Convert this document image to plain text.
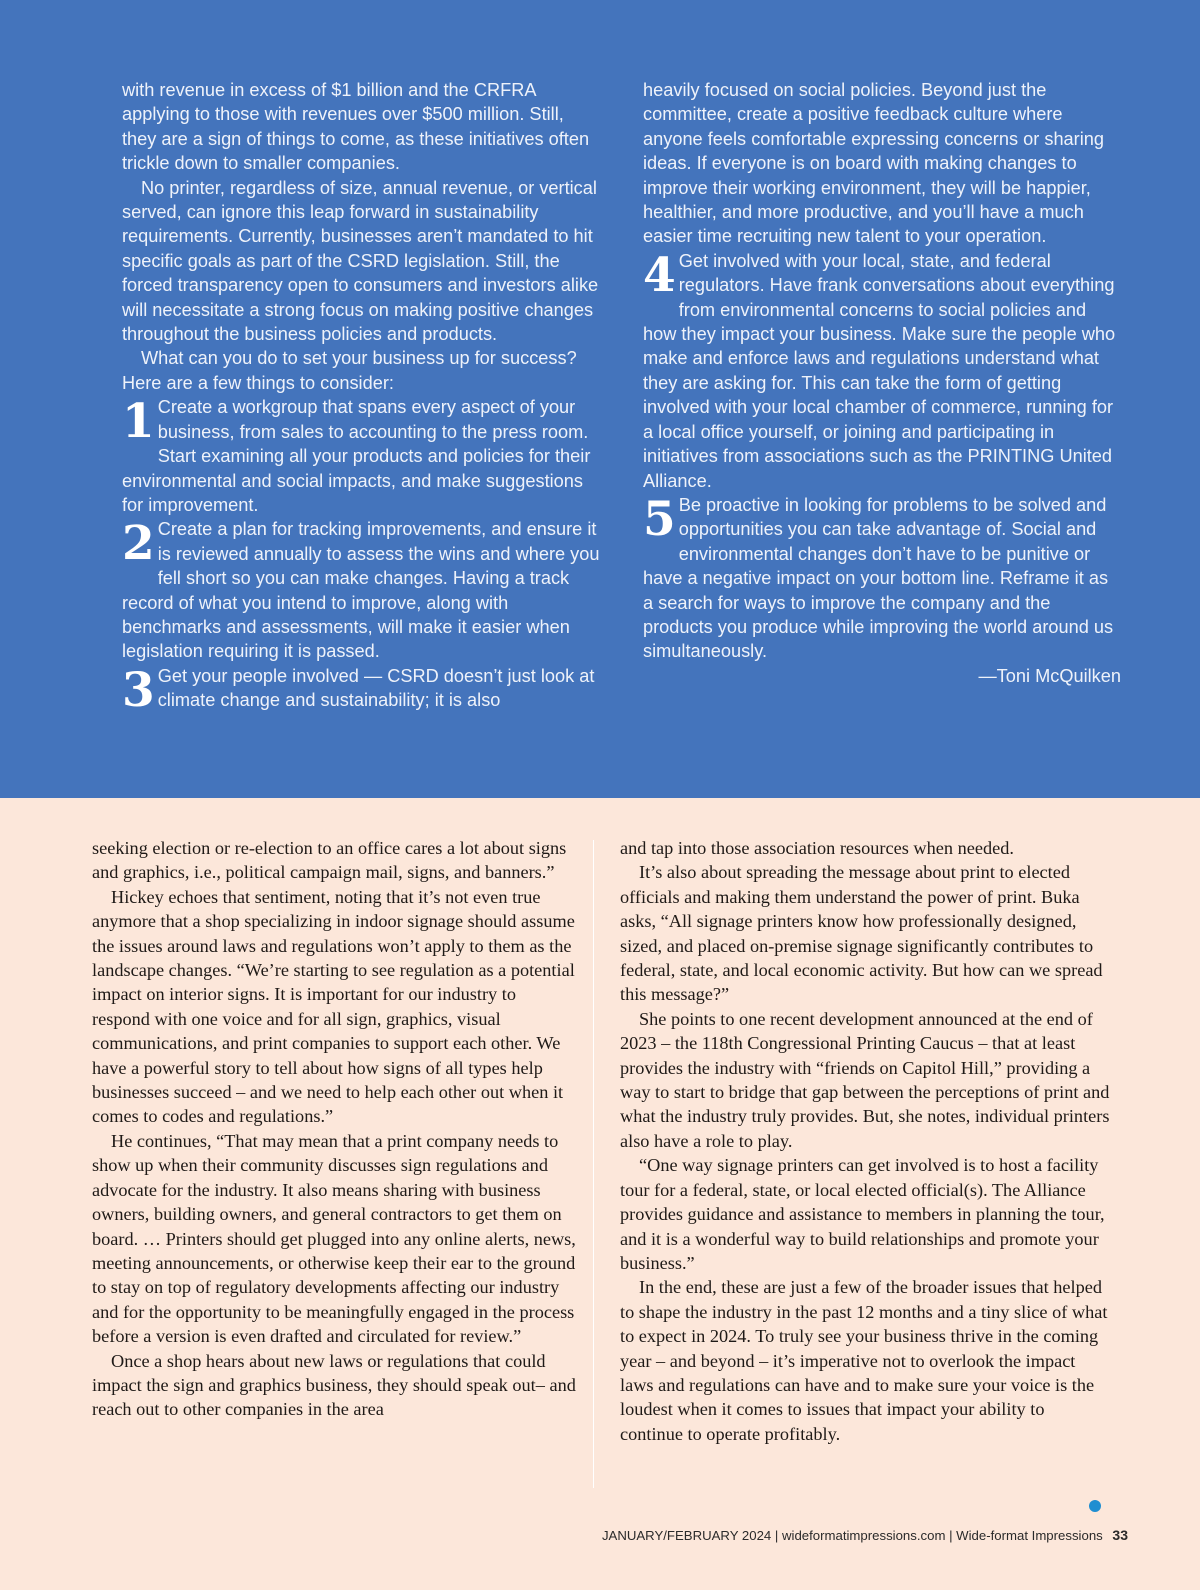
with revenue in excess of $1 billion and the CRFRA applying to those with revenues over $500 million. Still, they are a sign of things to come, as these initiatives often trickle down to smaller companies.

No printer, regardless of size, annual revenue, or vertical served, can ignore this leap forward in sustainability requirements. Currently, businesses aren’t mandated to hit specific goals as part of the CSRD legislation. Still, the forced transparency open to consumers and investors alike will necessitate a strong focus on making positive changes throughout the business policies and products.

What can you do to set your business up for success? Here are a few things to consider:

1 Create a workgroup that spans every aspect of your business, from sales to accounting to the press room. Start examining all your products and policies for their environmental and social impacts, and make suggestions for improvement.
2 Create a plan for tracking improvements, and ensure it is reviewed annually to assess the wins and where you fell short so you can make changes. Having a track record of what you intend to improve, along with benchmarks and assessments, will make it easier when legislation requiring it is passed.
3 Get your people involved — CSRD doesn’t just look at climate change and sustainability; it is also

heavily focused on social policies. Beyond just the committee, create a positive feedback culture where anyone feels comfortable expressing concerns or sharing ideas. If everyone is on board with making changes to improve their working environment, they will be happier, healthier, and more productive, and you’ll have a much easier time recruiting new talent to your operation.

4 Get involved with your local, state, and federal regulators. Have frank conversations about everything from environmental concerns to social policies and how they impact your business. Make sure the people who make and enforce laws and regulations understand what they are asking for. This can take the form of getting involved with your local chamber of commerce, running for a local office yourself, or joining and participating in initiatives from associations such as the PRINTING United Alliance.
5 Be proactive in looking for problems to be solved and opportunities you can take advantage of. Social and environmental changes don’t have to be punitive or have a negative impact on your bottom line. Reframe it as a search for ways to improve the company and the products you produce while improving the world around us simultaneously.

—Toni McQuilken

seeking election or re-election to an office cares a lot about signs and graphics, i.e., political campaign mail, signs, and banners.”

Hickey echoes that sentiment, noting that it’s not even true anymore that a shop specializing in indoor signage should assume the issues around laws and regulations won’t apply to them as the landscape changes. “We’re starting to see regulation as a potential impact on interior signs. It is important for our industry to respond with one voice and for all sign, graphics, visual communications, and print companies to support each other. We have a powerful story to tell about how signs of all types help businesses succeed – and we need to help each other out when it comes to codes and regulations.”

He continues, “That may mean that a print company needs to show up when their community discusses sign regulations and advocate for the industry. It also means sharing with business owners, building owners, and general contractors to get them on board. … Printers should get plugged into any online alerts, news, meeting announcements, or otherwise keep their ear to the ground to stay on top of regulatory developments affecting our industry and for the opportunity to be meaningfully engaged in the process before a version is even drafted and circulated for review.”

Once a shop hears about new laws or regulations that could impact the sign and graphics business, they should speak out– and reach out to other companies in the area

and tap into those association resources when needed.

It’s also about spreading the message about print to elected officials and making them understand the power of print. Buka asks, “All signage printers know how professionally designed, sized, and placed on-premise signage significantly contributes to federal, state, and local economic activity. But how can we spread this message?”

She points to one recent development announced at the end of 2023 – the 118th Congressional Printing Caucus – that at least provides the industry with “friends on Capitol Hill,” providing a way to start to bridge that gap between the perceptions of print and what the industry truly provides. But, she notes, individual printers also have a role to play.

“One way signage printers can get involved is to host a facility tour for a federal, state, or local elected official(s). The Alliance provides guidance and assistance to members in planning the tour, and it is a wonderful way to build relationships and promote your business.”

In the end, these are just a few of the broader issues that helped to shape the industry in the past 12 months and a tiny slice of what to expect in 2024. To truly see your business thrive in the coming year – and beyond – it’s imperative not to overlook the impact laws and regulations can have and to make sure your voice is the loudest when it comes to issues that impact your ability to continue to operate profitably.

JANUARY/FEBRUARY 2024 | wideformatimpressions.com | Wide-format Impressions 33
